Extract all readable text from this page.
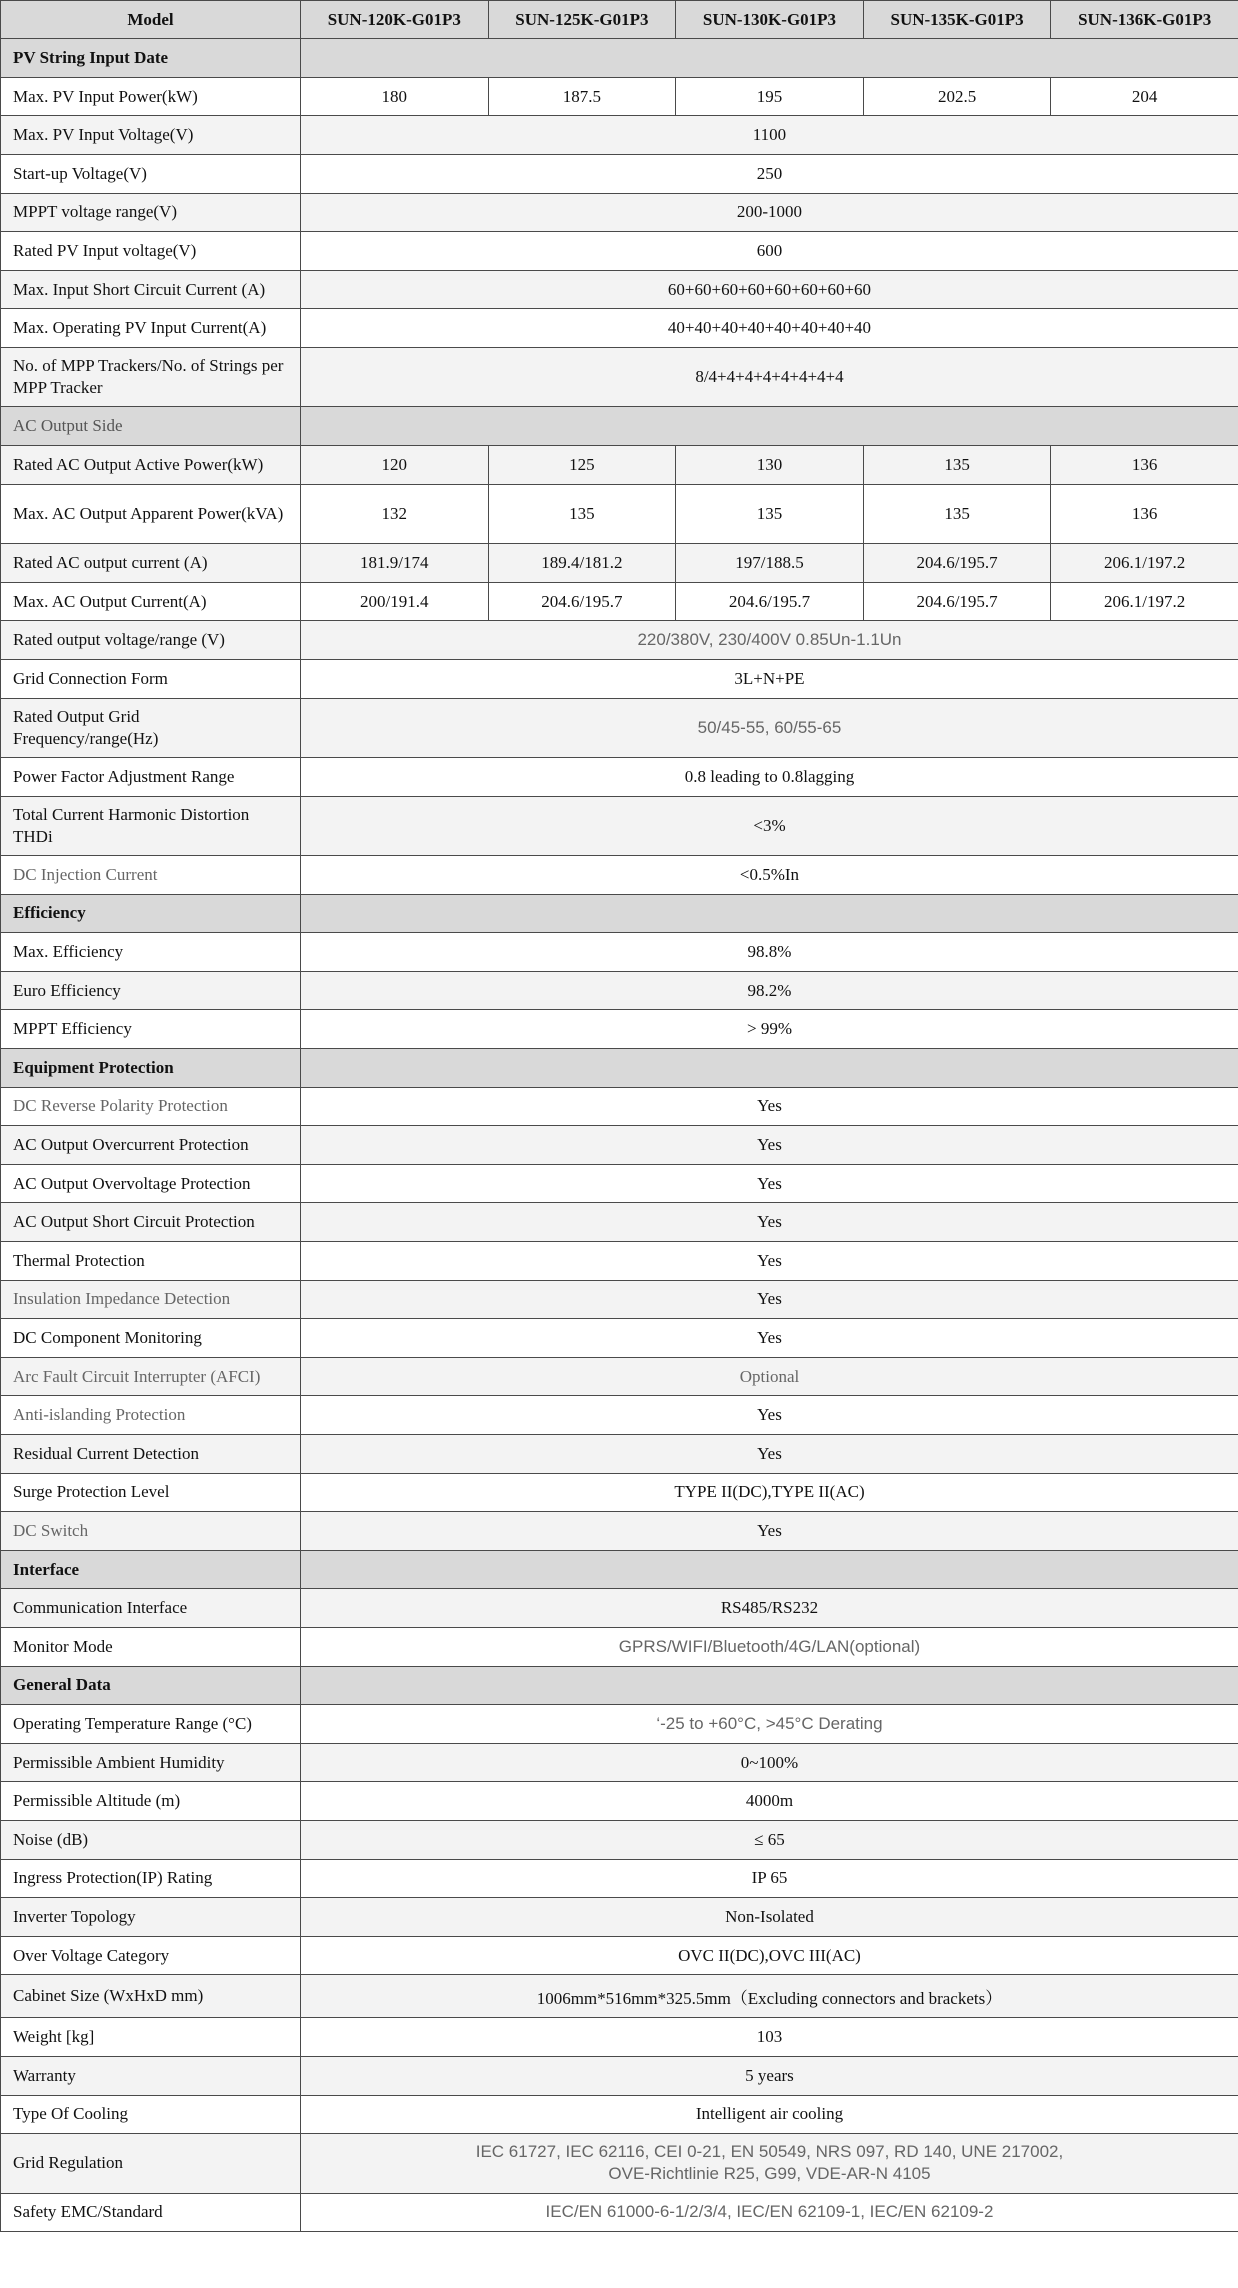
Model	SUN-120K-G01P3	SUN-125K-G01P3	SUN-130K-G01P3	SUN-135K-G01P3	SUN-136K-G01P3
PV String Input Date					
Max. PV Input Power(kW)	180	187.5	195	202.5	204
Max. PV Input Voltage(V)	1100				
Start-up Voltage(V)	250				
MPPT voltage range(V)	200-1000				
Rated PV Input voltage(V)	600				
Max. Input Short Circuit Current (A)	60+60+60+60+60+60+60+60				
Max. Operating PV Input Current(A)	40+40+40+40+40+40+40+40				
No. of MPP Trackers/No. of Strings per MPP Tracker	8/4+4+4+4+4+4+4+4				
AC Output Side					
Rated AC Output Active Power(kW)	120	125	130	135	136
Max. AC Output Apparent Power(kVA)	132	135	135	135	136
Rated AC output current (A)	181.9/174	189.4/181.2	197/188.5	204.6/195.7	206.1/197.2
Max. AC Output Current(A)	200/191.4	204.6/195.7	204.6/195.7	204.6/195.7	206.1/197.2
Rated output voltage/range (V)	220/380V, 230/400V 0.85Un-1.1Un				
Grid Connection Form	3L+N+PE				
Rated Output Grid Frequency/range(Hz)	50/45-55, 60/55-65				
Power Factor Adjustment Range	0.8 leading to 0.8lagging				
Total Current Harmonic Distortion THDi	<3%				
DC Injection Current	<0.5%In				
Efficiency					
Max. Efficiency	98.8%				
Euro Efficiency	98.2%				
MPPT Efficiency	> 99%				
Equipment Protection					
DC Reverse Polarity Protection	Yes				
AC Output Overcurrent Protection	Yes				
AC Output Overvoltage Protection	Yes				
AC Output Short Circuit Protection	Yes				
Thermal Protection	Yes				
Insulation Impedance Detection	Yes				
DC Component Monitoring	Yes				
Arc Fault Circuit Interrupter (AFCI)	Optional				
Anti-islanding Protection	Yes				
Residual Current Detection	Yes				
Surge Protection Level	TYPE II(DC),TYPE II(AC)				
DC Switch	Yes				
Interface					
Communication Interface	RS485/RS232				
Monitor Mode	GPRS/WIFI/Bluetooth/4G/LAN(optional)				
General Data					
Operating Temperature Range (°C)	‘-25 to +60°C, >45°C Derating				
Permissible Ambient Humidity	0~100%				
Permissible Altitude (m)	4000m				
Noise (dB)	≤ 65				
Ingress Protection(IP) Rating	IP 65				
Inverter Topology	Non-Isolated				
Over Voltage Category	OVC II(DC),OVC III(AC)				
Cabinet Size (WxHxD mm)	1006mm*516mm*325.5mm（Excluding connectors and brackets）				
Weight [kg]	103				
Warranty	5 years				
Type Of Cooling	Intelligent air cooling				
Grid Regulation	IEC 61727, IEC 62116, CEI 0-21, EN 50549, NRS 097, RD 140, UNE 217002,
OVE-Richtlinie R25, G99, VDE-AR-N 4105				
Safety EMC/Standard	IEC/EN 61000-6-1/2/3/4, IEC/EN 62109-1, IEC/EN 62109-2				
